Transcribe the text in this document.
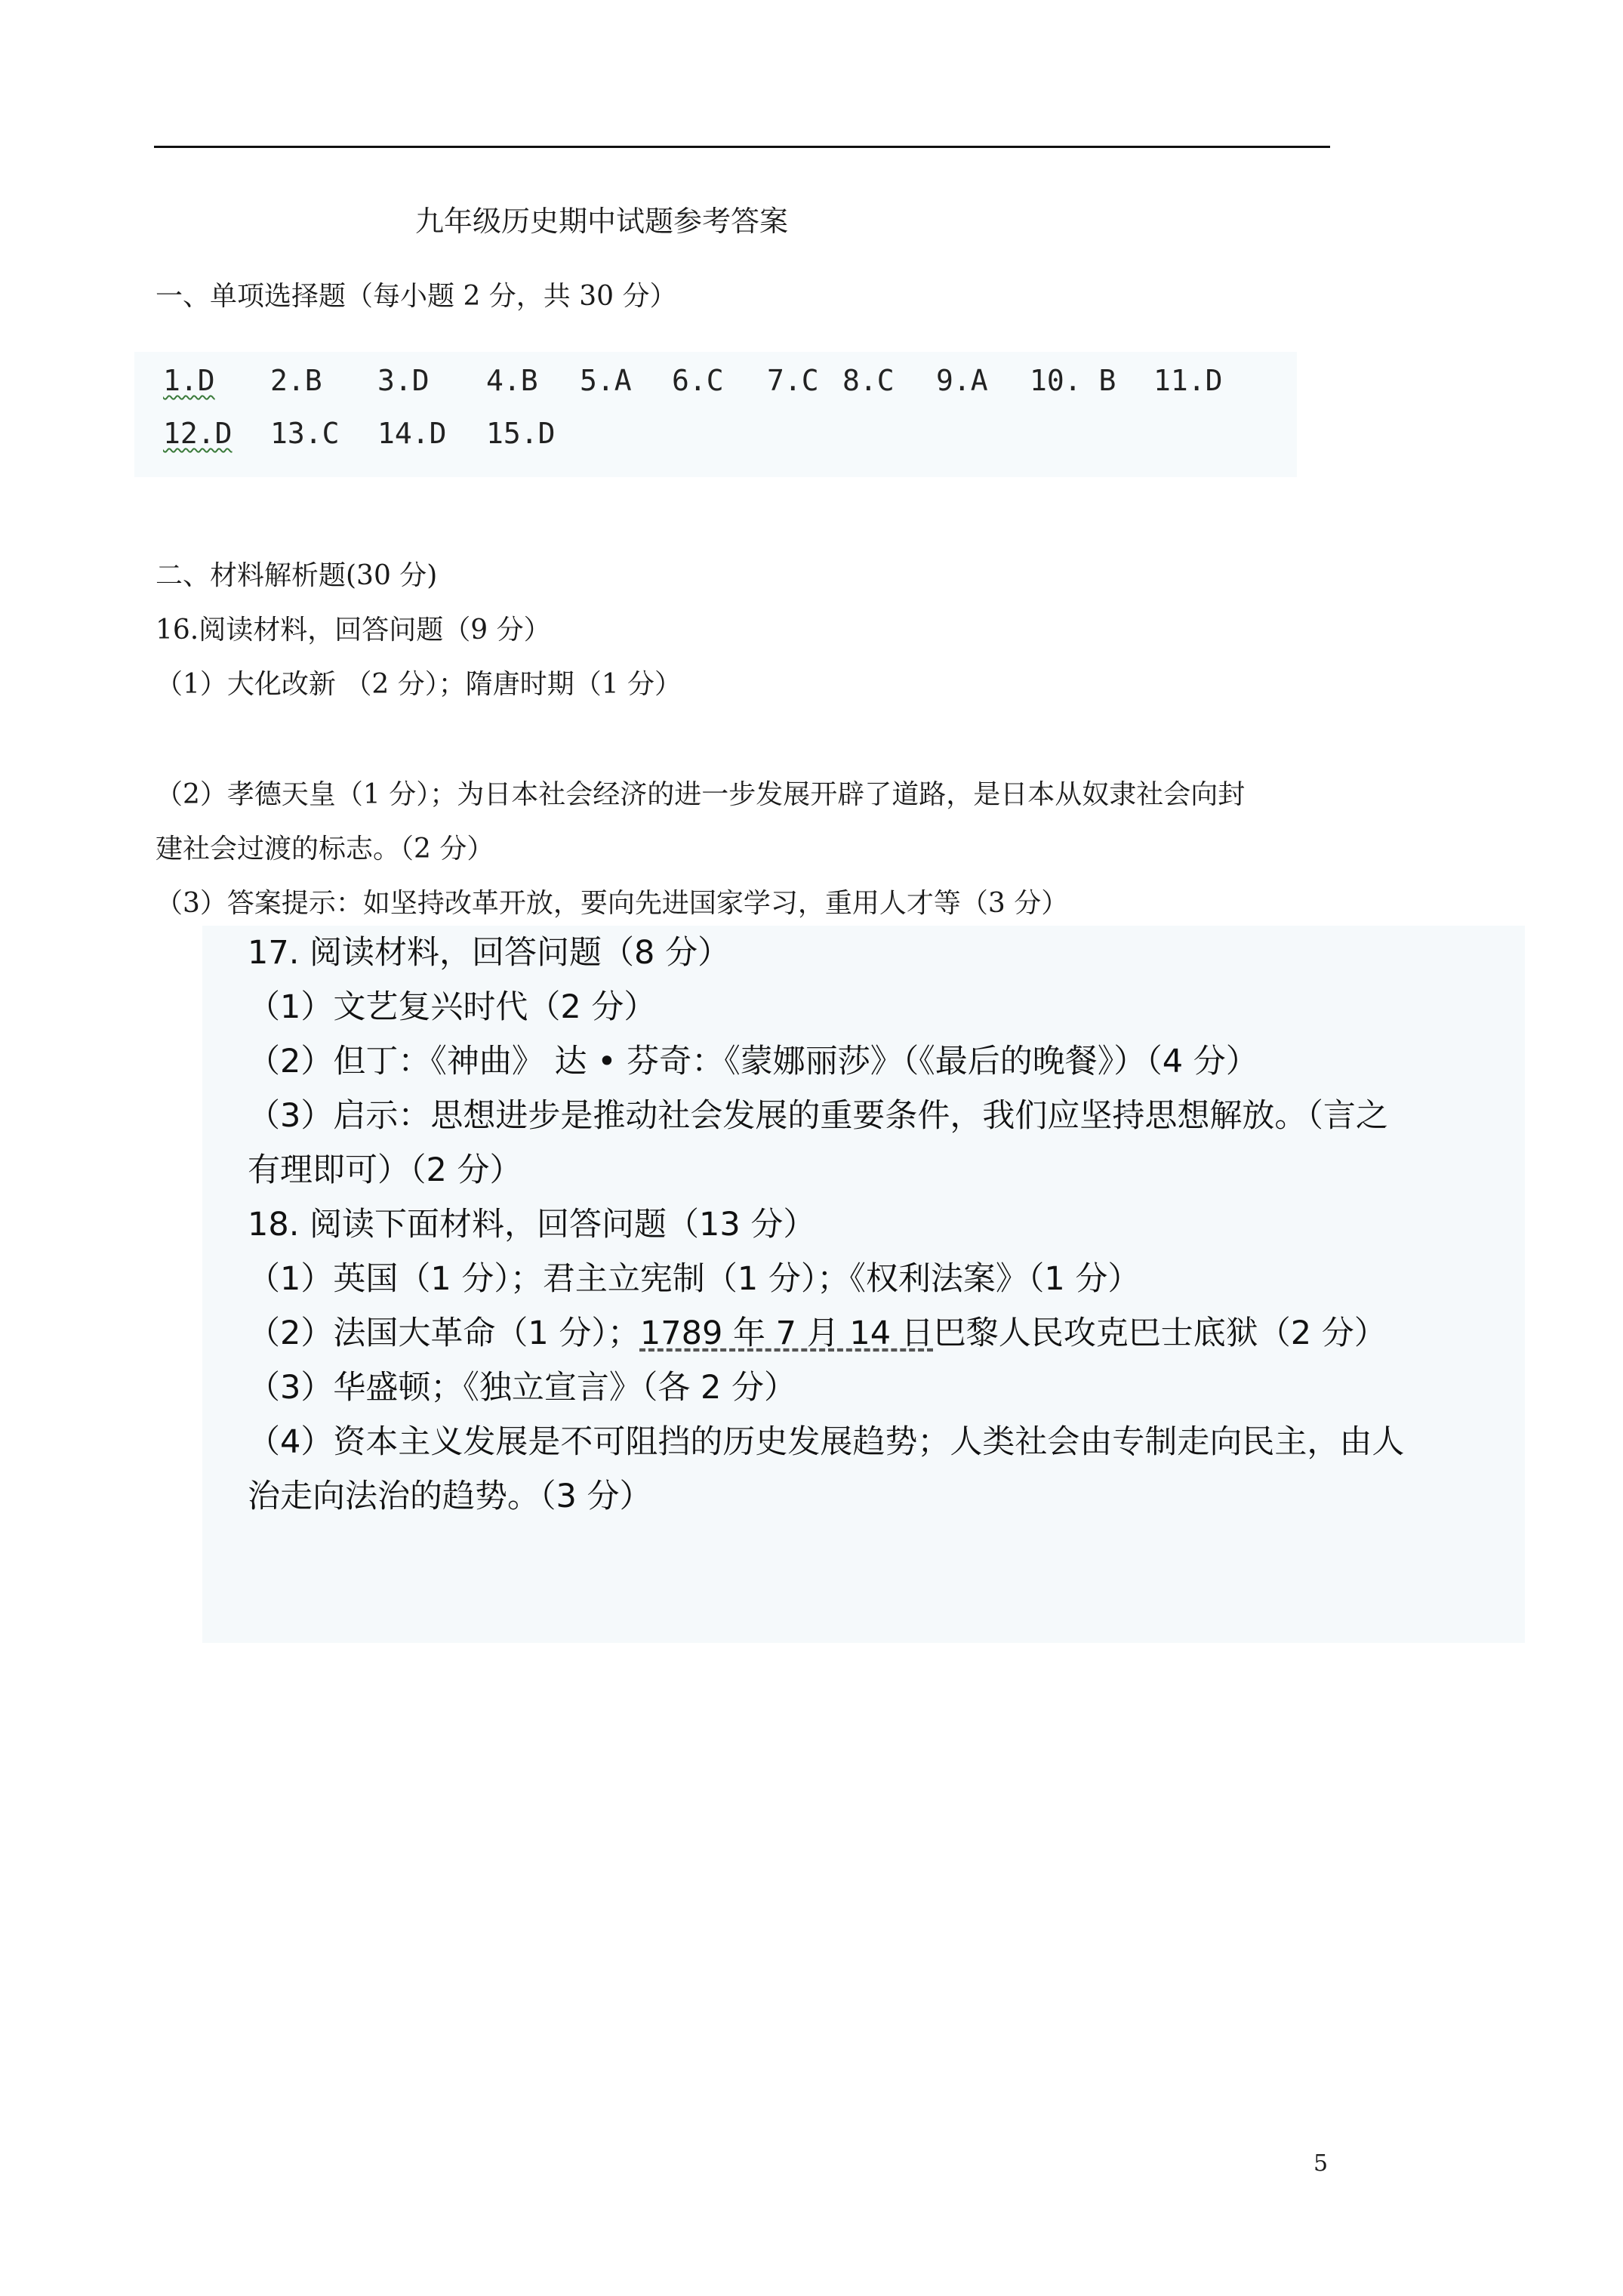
九年级历史期中试题参考答案
一、单项选择题（每小题 2 分，共 30 分）
1.D 2.B 3.D 4.B 5.A 6.C 7.C 8.C 9.A 10. B 11.D
12.D 13.C 14.D 15.D
二、材料解析题(30 分)
16.阅读材料，回答问题（9 分）
（1）大化改新 （2 分）；隋唐时期（1 分）
（2）孝德天皇（1 分）；为日本社会经济的进一步发展开辟了道路，是日本从奴隶社会向封
建社会过渡的标志。（2 分）
（3）答案提示：如坚持改革开放，要向先进国家学习，重用人才等（3 分）
17. 阅读材料，回答问题（8 分）
（1）文艺复兴时代（2 分）
（2）但丁：《神曲》 达 • 芬奇：《蒙娜丽莎》（《最后的晚餐》）（4 分）
（3）启示：思想进步是推动社会发展的重要条件，我们应坚持思想解放。（言之
有理即可）（2 分）
18. 阅读下面材料，回答问题（13 分）
（1）英国（1 分）；君主立宪制（1 分）；《权利法案》（1 分）
（2）法国大革命（1 分）；1789 年 7 月 14 日巴黎人民攻克巴士底狱（2 分）
（3）华盛顿；《独立宣言》（各 2 分）
（4）资本主义发展是不可阻挡的历史发展趋势；人类社会由专制走向民主，由人
治走向法治的趋势。（3 分）
5
